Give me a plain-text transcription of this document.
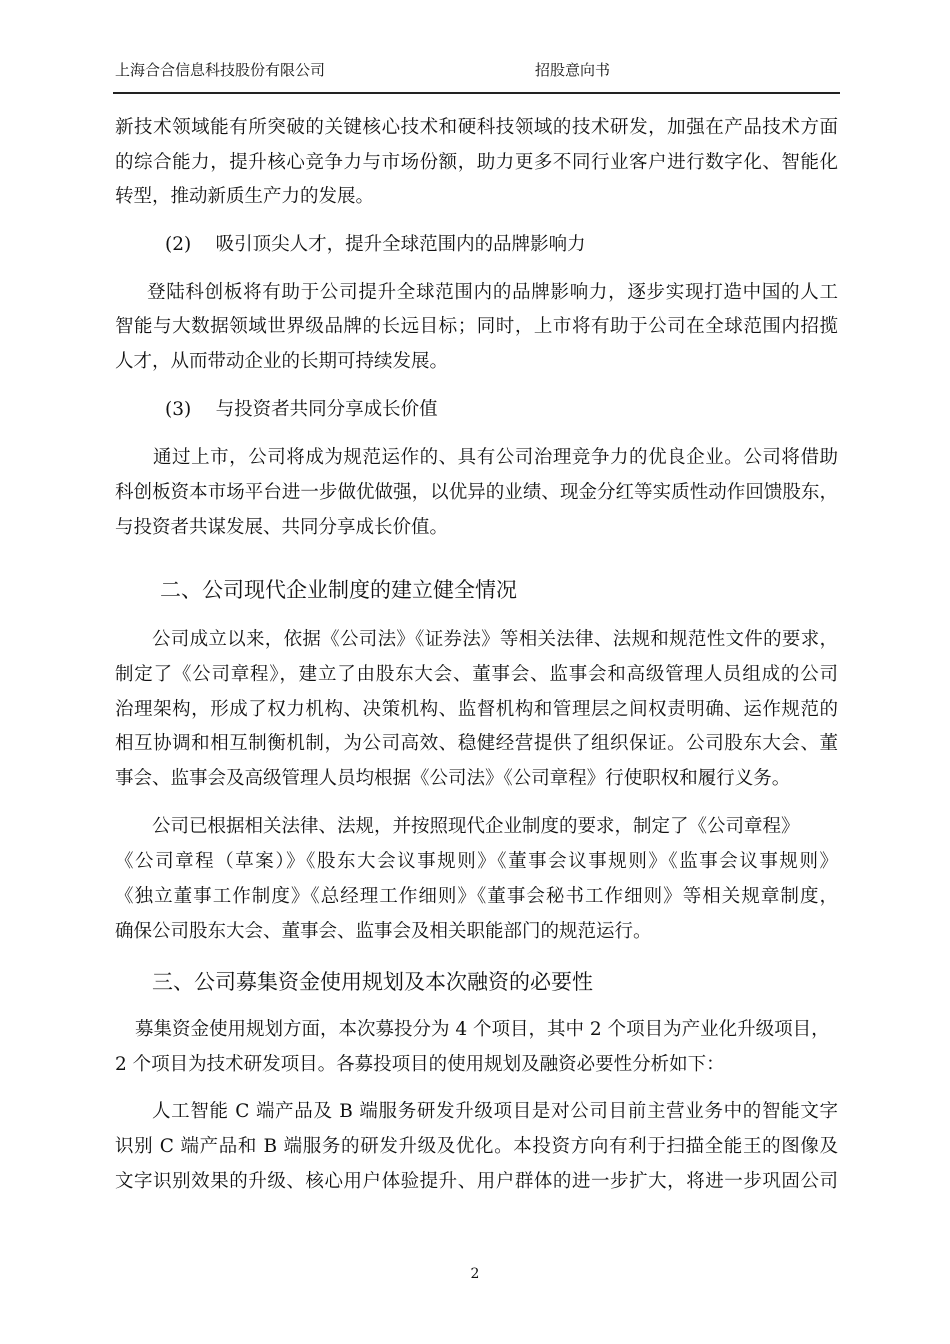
上海合合信息科技股份有限公司	招股意向书
新技术领域能有所突破的关键核心技术和硬科技领域的技术研发，加强在产品技术方面
的综合能力，提升核心竞争力与市场份额，助力更多不同行业客户进行数字化、智能化
转型，推动新质生产力的发展。
(2)　 吸引顶尖人才，提升全球范围内的品牌影响力
登陆科创板将有助于公司提升全球范围内的品牌影响力，逐步实现打造中国的人工
智能与大数据领域世界级品牌的长远目标；同时，上市将有助于公司在全球范围内招揽
人才，从而带动企业的长期可持续发展。
(3)　 与投资者共同分享成长价值
通过上市，公司将成为规范运作的、具有公司治理竞争力的优良企业。公司将借助
科创板资本市场平台进一步做优做强，以优异的业绩、现金分红等实质性动作回馈股东，
与投资者共谋发展、共同分享成长价值。
二、公司现代企业制度的建立健全情况
公司成立以来，依据《公司法》《证券法》等相关法律、法规和规范性文件的要求，
制定了《公司章程》，建立了由股东大会、董事会、监事会和高级管理人员组成的公司
治理架构，形成了权力机构、决策机构、监督机构和管理层之间权责明确、运作规范的
相互协调和相互制衡机制，为公司高效、稳健经营提供了组织保证。公司股东大会、董
事会、监事会及高级管理人员均根据《公司法》《公司章程》行使职权和履行义务。
公司已根据相关法律、法规，并按照现代企业制度的要求，制定了《公司章程》
《公司章程（草案）》《股东大会议事规则》《董事会议事规则》《监事会议事规则》
《独立董事工作制度》《总经理工作细则》《董事会秘书工作细则》等相关规章制度，
确保公司股东大会、董事会、监事会及相关职能部门的规范运行。
三、公司募集资金使用规划及本次融资的必要性
募集资金使用规划方面，本次募投分为 4 个项目，其中 2 个项目为产业化升级项目，
2 个项目为技术研发项目。各募投项目的使用规划及融资必要性分析如下：
人工智能 C 端产品及 B 端服务研发升级项目是对公司目前主营业务中的智能文字
识别 C 端产品和 B 端服务的研发升级及优化。本投资方向有利于扫描全能王的图像及
文字识别效果的升级、核心用户体验提升、用户群体的进一步扩大，将进一步巩固公司
2
